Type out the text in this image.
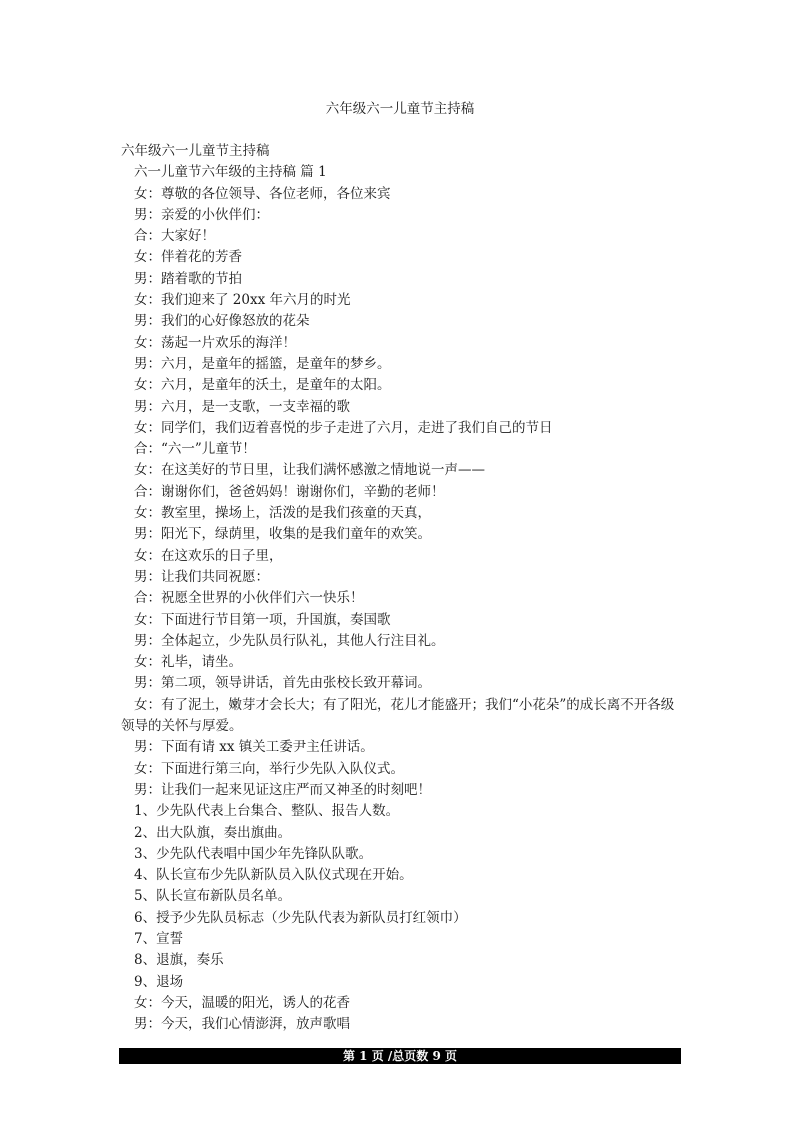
六年级六一儿童节主持稿
六年级六一儿童节主持稿
六一儿童节六年级的主持稿 篇 1
女：尊敬的各位领导、各位老师，各位来宾
男：亲爱的小伙伴们：
合：大家好！
女：伴着花的芳香
男：踏着歌的节拍
女：我们迎来了 20xx 年六月的时光
男：我们的心好像怒放的花朵
女：荡起一片欢乐的海洋！
男：六月，是童年的摇篮，是童年的梦乡。
女：六月，是童年的沃土，是童年的太阳。
男：六月，是一支歌，一支幸福的歌
女：同学们，我们迈着喜悦的步子走进了六月，走进了我们自己的节日
合：“六一”儿童节！
女：在这美好的节日里，让我们满怀感激之情地说一声——
合：谢谢你们，爸爸妈妈！谢谢你们，辛勤的老师！
女：教室里，操场上，活泼的是我们孩童的天真，
男：阳光下，绿荫里，收集的是我们童年的欢笑。
女：在这欢乐的日子里，
男：让我们共同祝愿：
合：祝愿全世界的小伙伴们六一快乐！
女：下面进行节目第一项，升国旗，奏国歌
男：全体起立，少先队员行队礼，其他人行注目礼。
女：礼毕，请坐。
男：第二项，领导讲话，首先由张校长致开幕词。
女：有了泥土，嫩芽才会长大；有了阳光，花儿才能盛开；我们“小花朵”的成长离不开各级
领导的关怀与厚爱。
男：下面有请 xx 镇关工委尹主任讲话。
女：下面进行第三向，举行少先队入队仪式。
男：让我们一起来见证这庄严而又神圣的时刻吧！
1、少先队代表上台集合、整队、报告人数。
2、出大队旗，奏出旗曲。
3、少先队代表唱中国少年先锋队队歌。
4、队长宣布少先队新队员入队仪式现在开始。
5、队长宣布新队员名单。
6、授予少先队员标志（少先队代表为新队员打红领巾）
7、宣誓
8、退旗，奏乐
9、退场
女：今天，温暖的阳光，诱人的花香
男：今天，我们心情澎湃，放声歌唱
第 1 页 /总页数 9 页
